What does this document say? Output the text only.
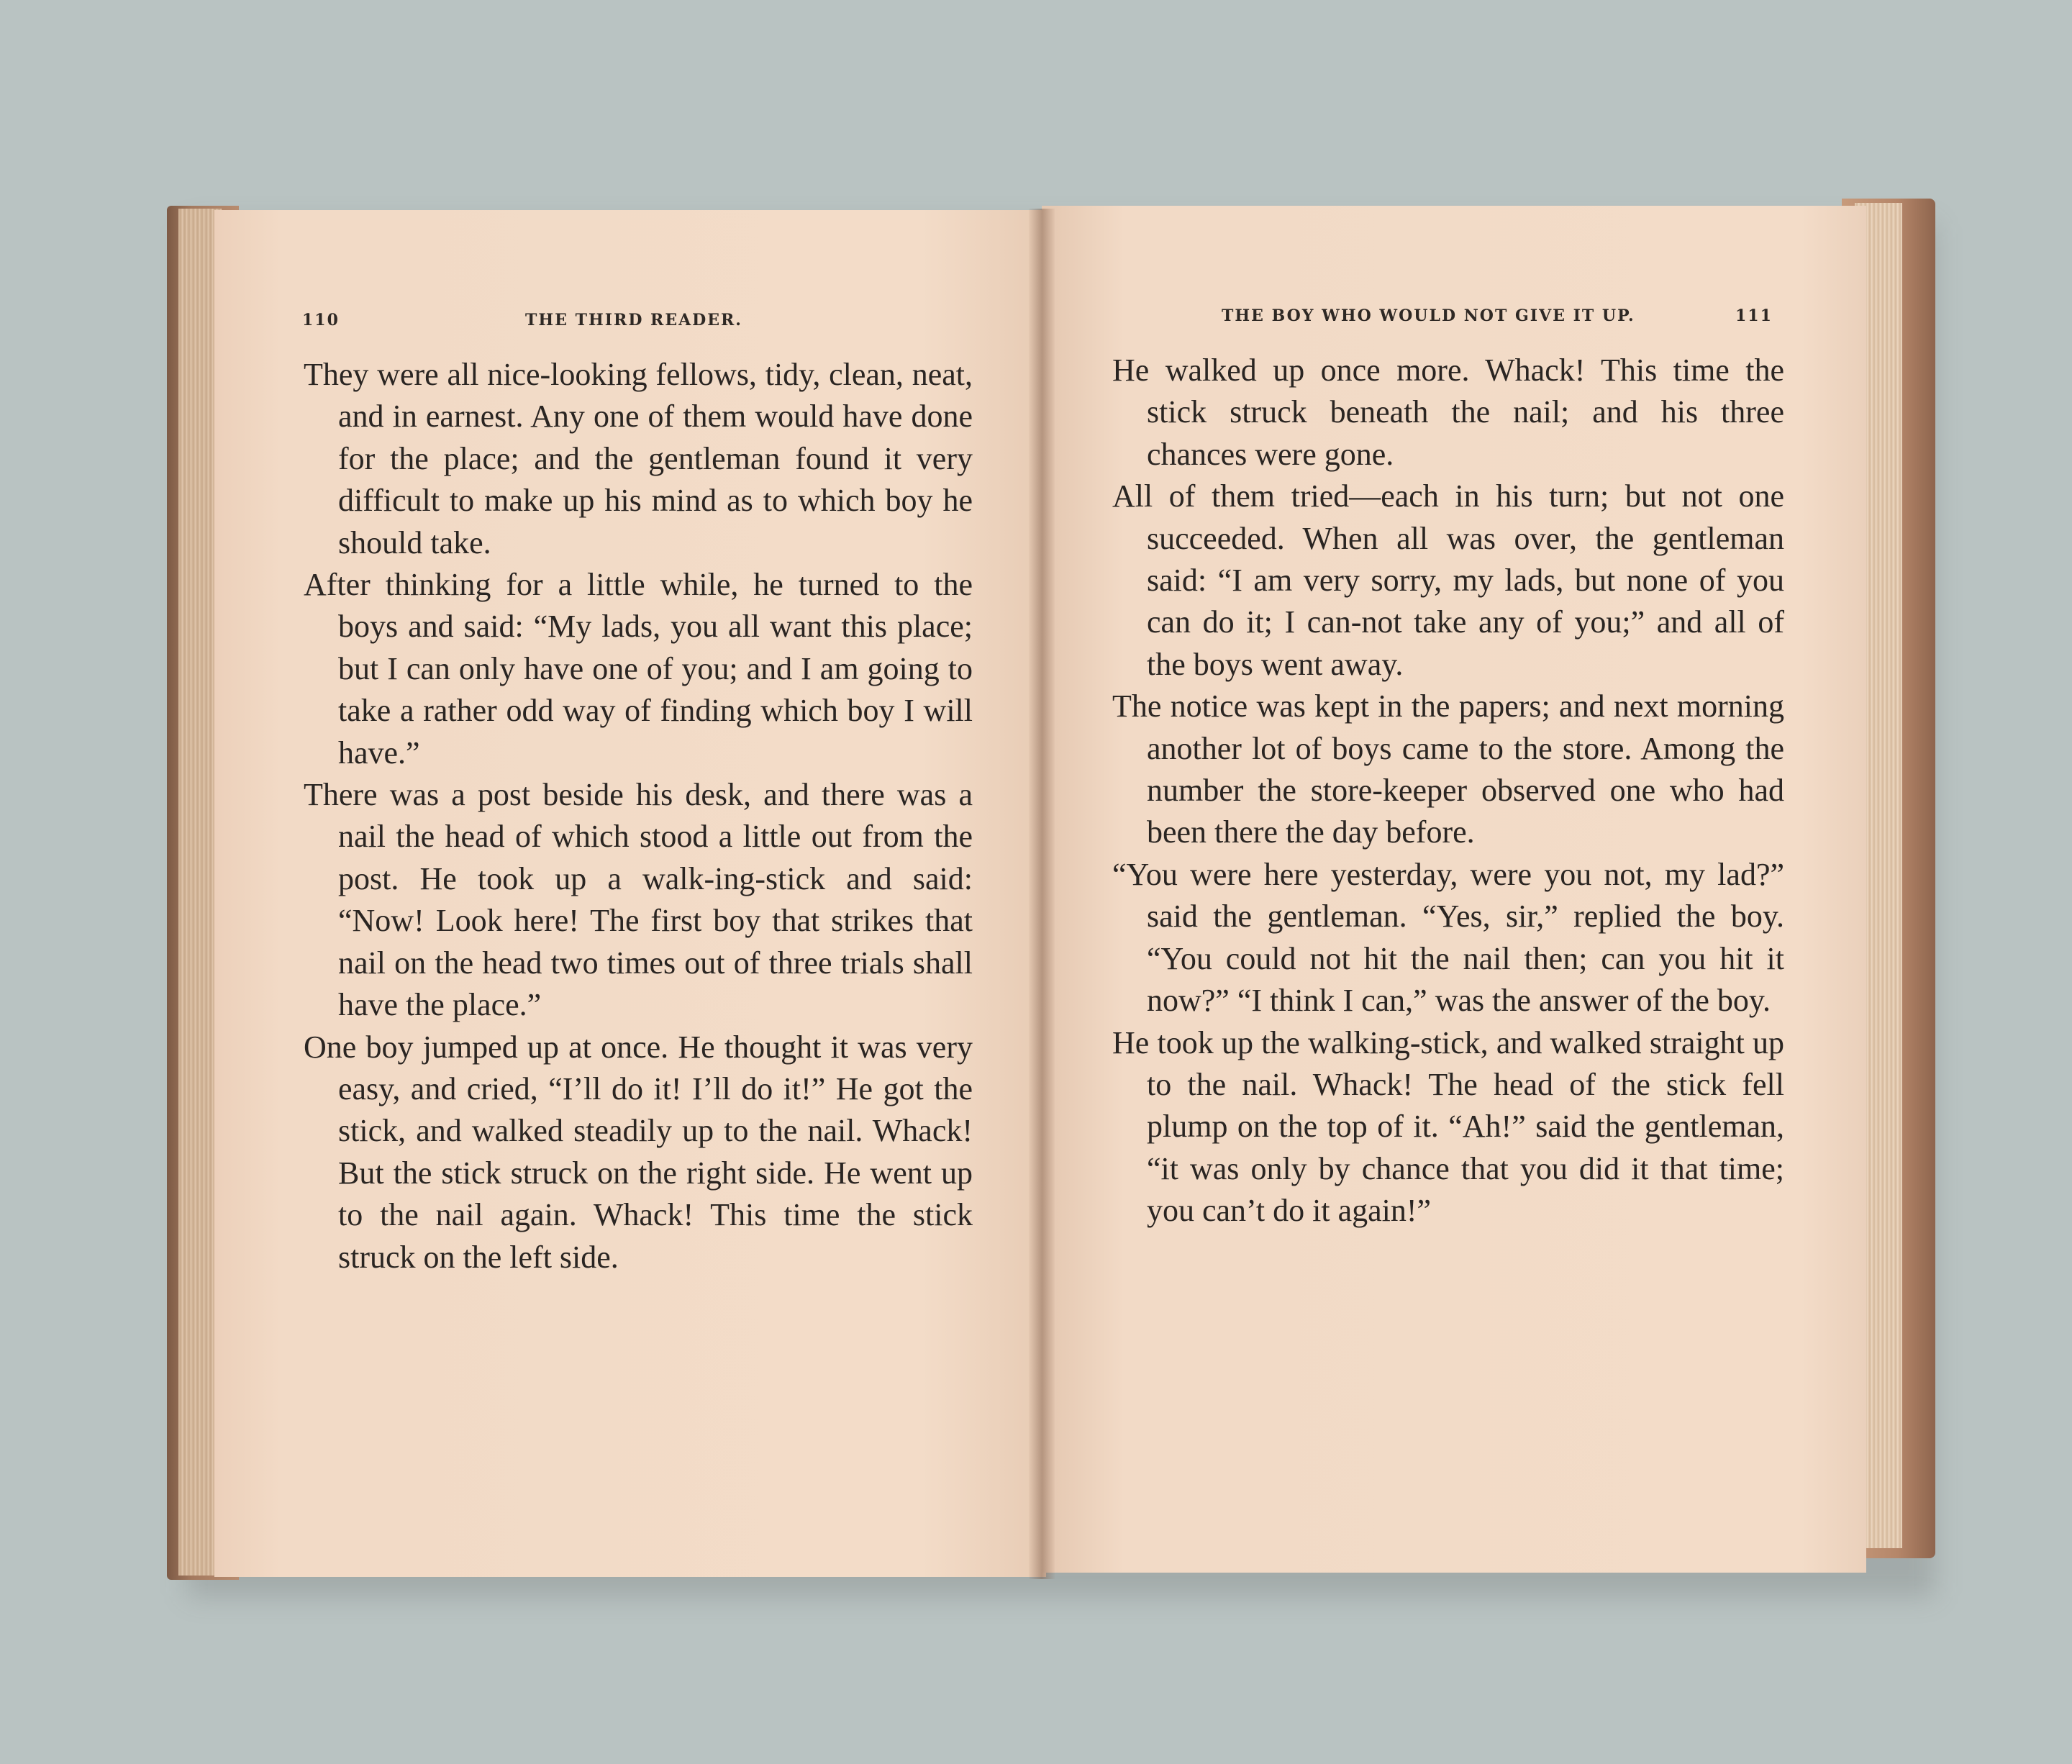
110	THE THIRD READER.

They were all nice-looking fellows, tidy, clean, neat, and in earnest. Any one of them would have done for the place; and the gentleman found it very difficult to make up his mind as to which boy he should take.

After thinking for a little while, he turned to the boys and said: “My lads, you all want this place; but I can only have one of you; and I am going to take a rather odd way of finding which boy I will have.”

There was a post beside his desk, and there was a nail the head of which stood a little out from the post. He took up a walk-ing-stick and said: “Now! Look here! The first boy that strikes that nail on the head two times out of three trials shall have the place.”

One boy jumped up at once. He thought it was very easy, and cried, “I’ll do it! I’ll do it!” He got the stick, and walked steadily up to the nail. Whack! But the stick struck on the right side. He went up to the nail again. Whack! This time the stick struck on the left side.

THE BOY WHO WOULD NOT GIVE IT UP.	111

He walked up once more. Whack! This time the stick struck beneath the nail; and his three chances were gone.

All of them tried—each in his turn; but not one succeeded. When all was over, the gentleman said: “I am very sorry, my lads, but none of you can do it; I can-not take any of you;” and all of the boys went away.

The notice was kept in the papers; and next morning another lot of boys came to the store. Among the number the store-keeper observed one who had been there the day before.

“You were here yesterday, were you not, my lad?” said the gentleman. “Yes, sir,” replied the boy. “You could not hit the nail then; can you hit it now?” “I think I can,” was the answer of the boy.

He took up the walking-stick, and walked straight up to the nail. Whack! The head of the stick fell plump on the top of it. “Ah!” said the gentleman, “it was only by chance that you did it that time; you can’t do it again!”
